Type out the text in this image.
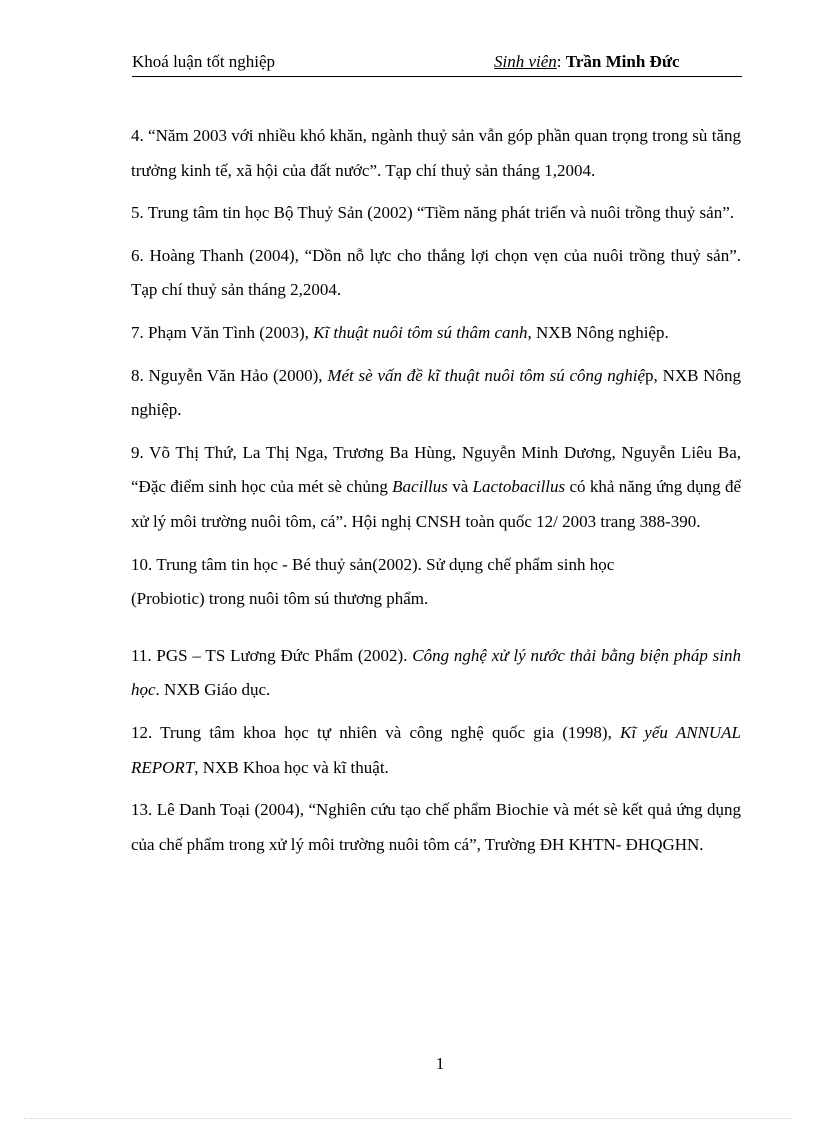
Khoá luận tốt nghiệp	Sinh viên: Trần Minh Đức

4. “Năm 2003 với nhiều khó khăn, ngành thuỷ sản vẫn góp phần quan trọng trong sù tăng trưởng kinh tế, xã hội của đất nước”. Tạp chí thuỷ sản tháng 1,2004.

5. Trung tâm tin học Bộ Thuỷ Sản (2002) “Tiềm năng phát triển và nuôi trồng thuỷ sản”.

6. Hoàng Thanh (2004), “Dồn nỗ lực cho thắng lợi chọn vẹn của nuôi trồng thuỷ sản”. Tạp chí thuỷ sản tháng 2,2004.

7. Phạm Văn Tình (2003), Kĩ thuật nuôi tôm sú thâm canh, NXB Nông nghiệp.

8. Nguyễn Văn Hảo (2000), Mét sè vấn đề kĩ thuật nuôi tôm sú công nghiệp, NXB Nông nghiệp.

9. Võ Thị Thứ, La Thị Nga, Trương Ba Hùng, Nguyễn Minh Dương, Nguyễn Liêu Ba, “Đặc điểm sinh học của mét sè chủng Bacillus và Lactobacillus có khả năng ứng dụng để xử lý môi trường nuôi tôm, cá”. Hội nghị CNSH toàn quốc 12/ 2003 trang 388-390.

10. Trung tâm tin học - Bé thuỷ sản(2002). Sử dụng chế phẩm sinh học
(Probiotic) trong nuôi tôm sú thương phẩm.

11. PGS – TS Lương Đức Phẩm (2002). Công nghệ xử lý nước thải bằng biện pháp sinh học. NXB Giáo dục.

12. Trung tâm khoa học tự nhiên và công nghệ quốc gia (1998), Kĩ yếu ANNUAL REPORT, NXB Khoa học và kĩ thuật.

13. Lê Danh Toại (2004), “Nghiên cứu tạo chế phẩm Biochie và mét sè kết quả ứng dụng của chế phẩm trong xử lý môi trường nuôi tôm cá”, Trường ĐH KHTN- ĐHQGHN.

1
